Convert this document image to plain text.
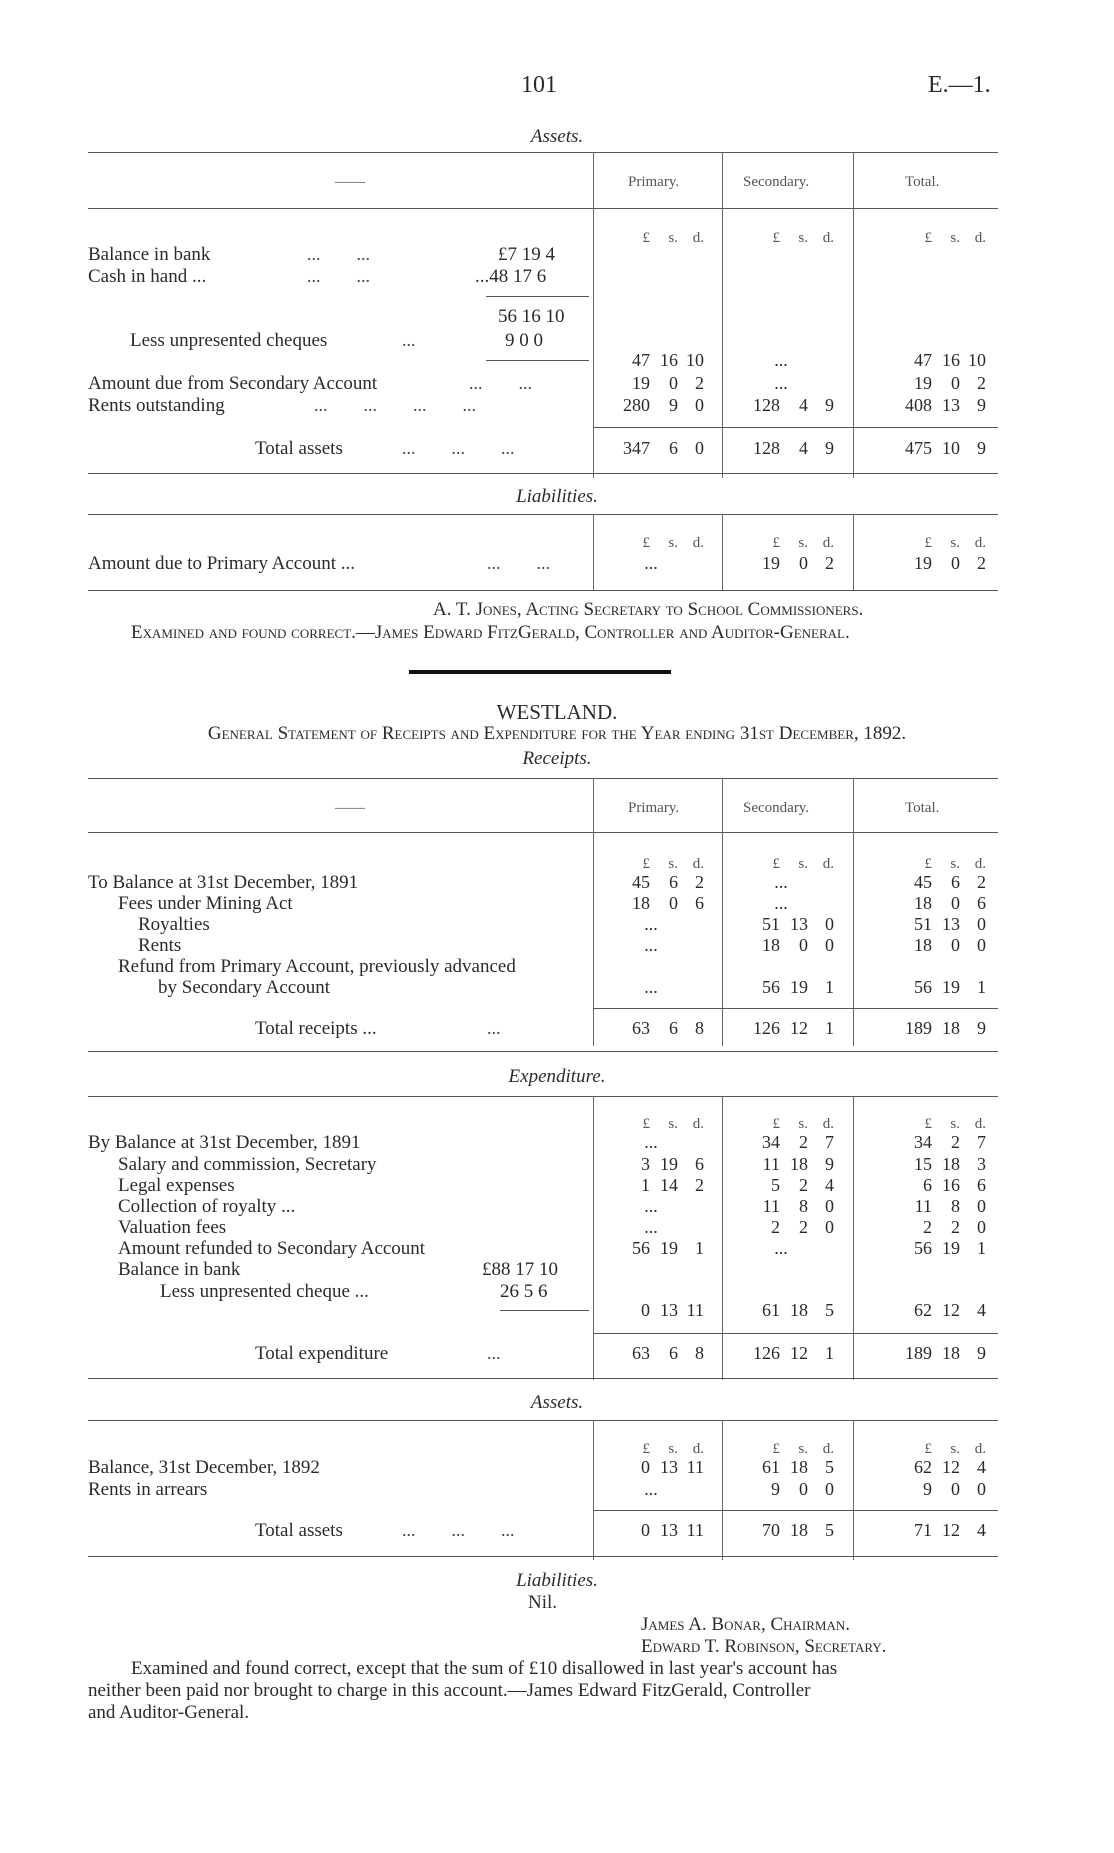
101	E.—1.
Assets.
——	Primary.	Secondary.	Total.
£ s. d.	£ s. d.	£ s. d.
Balance in bank	...  ...	£7 19 4
Cash in hand ...	...  ...	...48 17 6
56 16 10
Less unpresented cheques	...	9 0 0
47 16 10	...	47 16 10
Amount due from Secondary Account	...  ...	19 0 2	...	19 0 2
Rents outstanding	...  ...  ...  ...	280 9 0	128 4 9	408 13 9
Total assets	...  ...  ...	347 6 0	128 4 9	475 10 9
Liabilities.
£ s. d.	£ s. d.	£ s. d.
Amount due to Primary Account ...	...  ...	...	19 0 2	19 0 2
A. T. Jones, Acting Secretary to School Commissioners.
Examined and found correct.—James Edward FitzGerald, Controller and Auditor-General.
WESTLAND.
General Statement of Receipts and Expenditure for the Year ending 31st December, 1892.
Receipts.
——	Primary.	Secondary.	Total.
£ s. d.	£ s. d.	£ s. d.
To Balance at 31st December, 1891	45 6 2	...	45 6 2
Fees under Mining Act	18 0 6	...	18 0 6
Royalties	...	51 13 0	51 13 0
Rents	...	18 0 0	18 0 0
Refund from Primary Account, previously advanced
by Secondary Account	...	56 19 1	56 19 1
Total receipts ...	...	63 6 8	126 12 1	189 18 9
Expenditure.
£ s. d.	£ s. d.	£ s. d.
By Balance at 31st December, 1891	...	34 2 7	34 2 7
Salary and commission, Secretary	3 19 6	11 18 9	15 18 3
Legal expenses	1 14 2	5 2 4	6 16 6
Collection of royalty ...	...	11 8 0	11 8 0
Valuation fees	...	2 2 0	2 2 0
Amount refunded to Secondary Account	56 19 1	...	56 19 1
Balance in bank	£88 17 10
Less unpresented cheque ...	26 5 6
0 13 11	61 18 5	62 12 4
Total expenditure	...	63 6 8	126 12 1	189 18 9
Assets.
£ s. d.	£ s. d.	£ s. d.
Balance, 31st December, 1892	0 13 11	61 18 5	62 12 4
Rents in arrears	...	9 0 0	9 0 0
Total assets	...  ...  ...	0 13 11	70 18 5	71 12 4
Liabilities.
Nil.
James A. Bonar, Chairman.
Edward T. Robinson, Secretary.
Examined and found correct, except that the sum of £10 disallowed in last year's account has
neither been paid nor brought to charge in this account.—James Edward FitzGerald, Controller
and Auditor-General.
